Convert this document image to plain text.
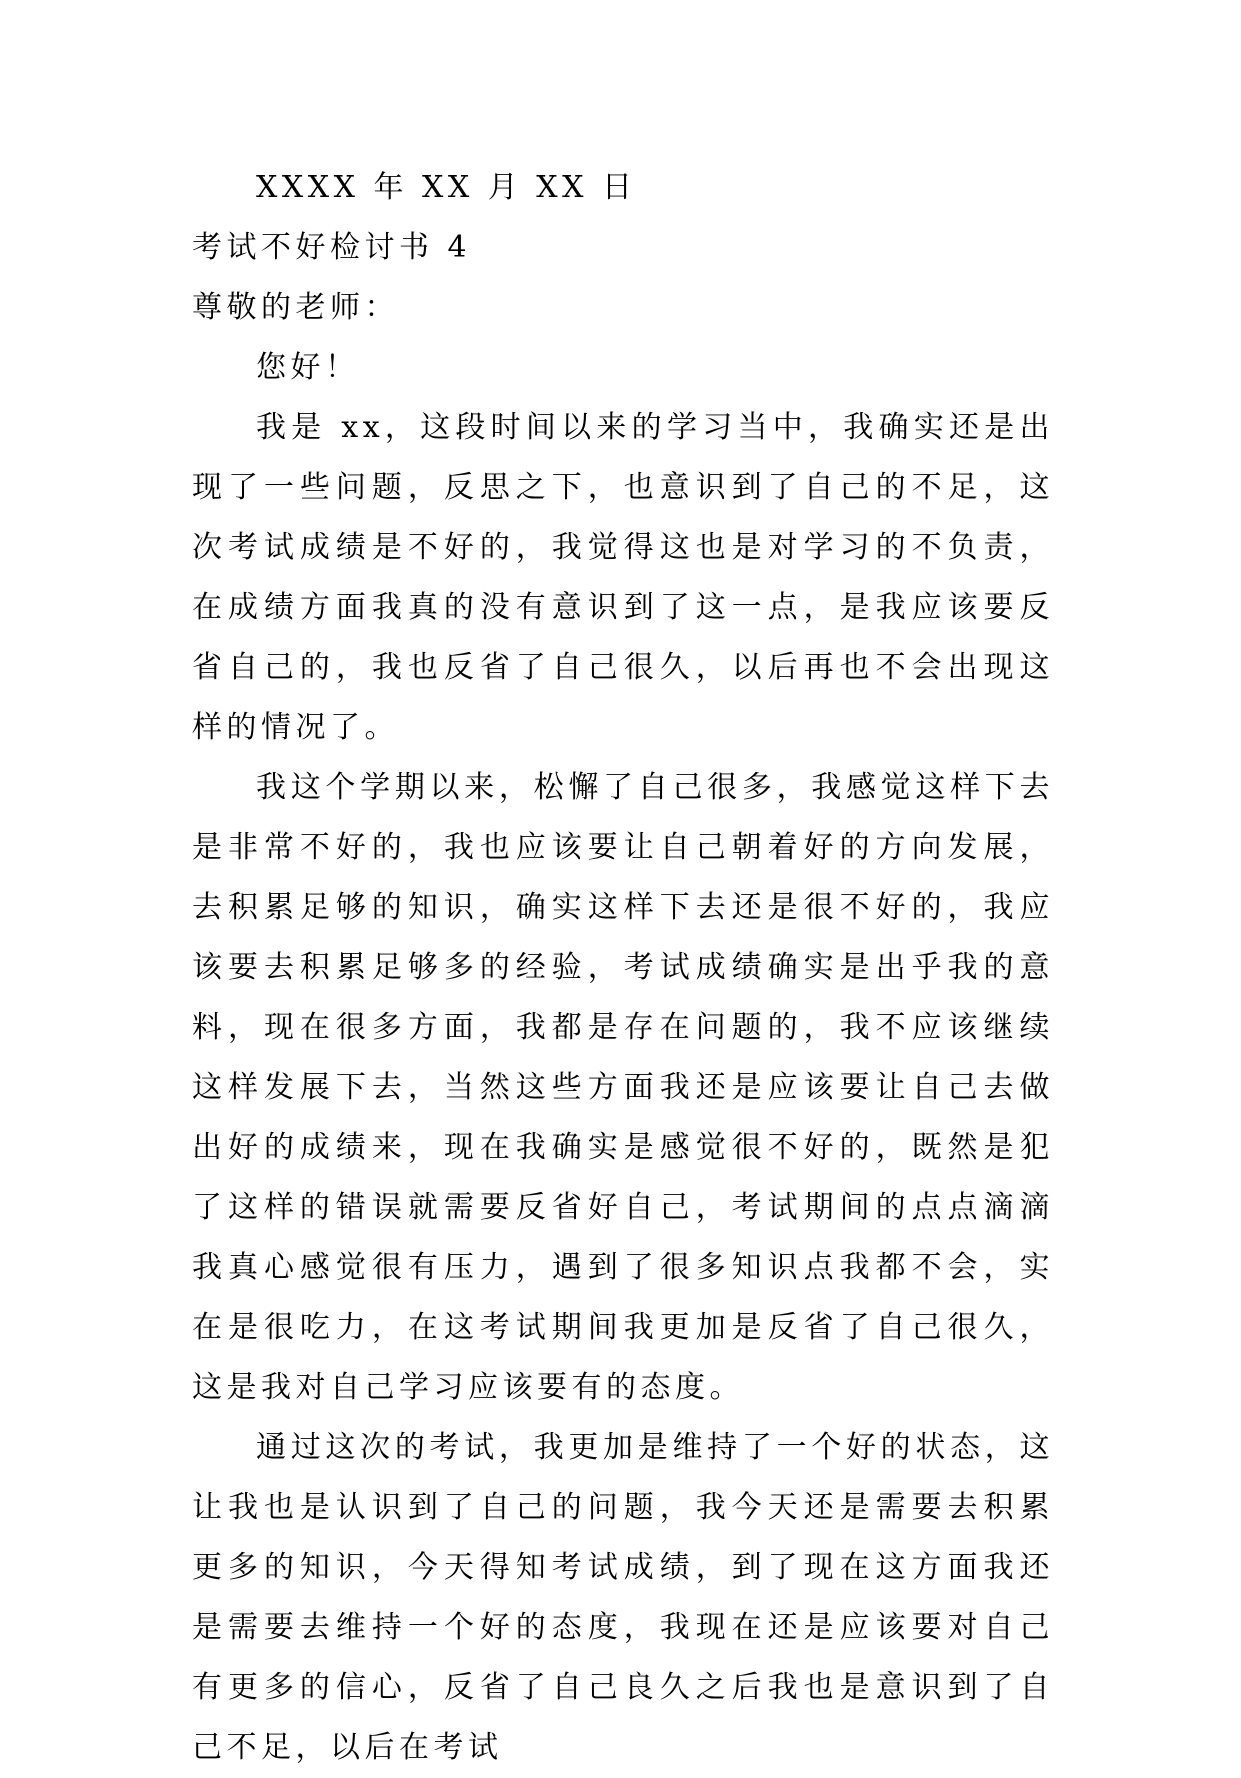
XXXX 年 XX 月 XX 日

考试不好检讨书 4

尊敬的老师：

您好！

我是 xx，这段时间以来的学习当中，我确实还是出现了一些问题，反思之下，也意识到了自己的不足，这次考试成绩是不好的，我觉得这也是对学习的不负责，在成绩方面我真的没有意识到了这一点，是我应该要反省自己的，我也反省了自己很久，以后再也不会出现这样的情况了。

我这个学期以来，松懈了自己很多，我感觉这样下去是非常不好的，我也应该要让自己朝着好的方向发展，去积累足够的知识，确实这样下去还是很不好的，我应该要去积累足够多的经验，考试成绩确实是出乎我的意料，现在很多方面，我都是存在问题的，我不应该继续这样发展下去，当然这些方面我还是应该要让自己去做出好的成绩来，现在我确实是感觉很不好的，既然是犯了这样的错误就需要反省好自己，考试期间的点点滴滴我真心感觉很有压力，遇到了很多知识点我都不会，实在是很吃力，在这考试期间我更加是反省了自己很久，这是我对自己学习应该要有的态度。

通过这次的考试，我更加是维持了一个好的状态，这让我也是认识到了自己的问题，我今天还是需要去积累更多的知识，今天得知考试成绩，到了现在这方面我还是需要去维持一个好的态度，我现在还是应该要对自己有更多的信心，反省了自己良久之后我也是意识到了自己不足，以后在考试
